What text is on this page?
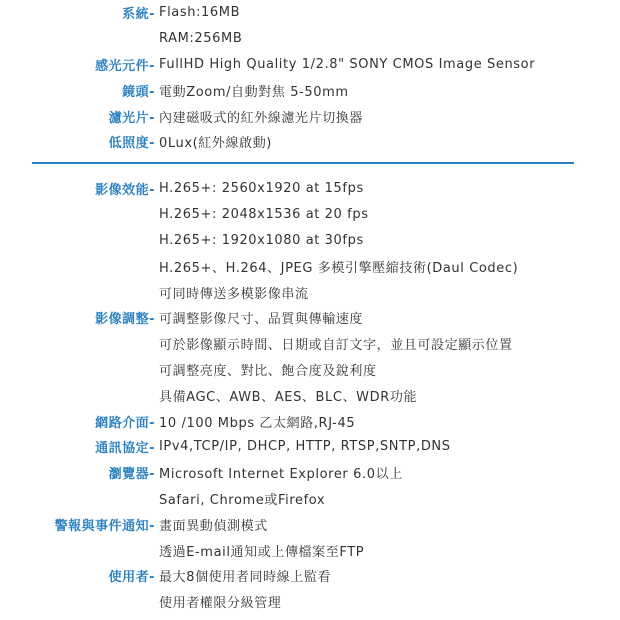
系統- Flash:16MB
RAM:256MB
感光元件- FullHD High Quality 1/2.8" SONY CMOS Image Sensor
鏡頭- 電動Zoom/自動對焦 5-50mm
濾光片- 內建磁吸式的紅外線濾光片切換器
低照度- 0Lux(紅外線啟動)
影像效能- H.265+: 2560x1920 at 15fps
H.265+: 2048x1536 at 20 fps
H.265+: 1920x1080 at 30fps
H.265+、H.264、JPEG 多模引擎壓縮技術(Daul Codec)
可同時傳送多模影像串流
影像調整- 可調整影像尺寸、品質與傳輸速度
可於影像顯示時間、日期或自訂文字，並且可設定顯示位置
可調整亮度、對比、飽合度及銳利度
具備AGC、AWB、AES、BLC、WDR功能
網路介面- 10 /100 Mbps 乙太網路,RJ-45
通訊協定- IPv4,TCP/IP, DHCP, HTTP, RTSP,SNTP,DNS
瀏覽器- Microsoft Internet Explorer 6.0以上
Safari, Chrome或Firefox
警報與事件通知- 畫面異動偵測模式
透過E-mail通知或上傳檔案至FTP
使用者- 最大8個使用者同時線上監看
使用者權限分級管理
